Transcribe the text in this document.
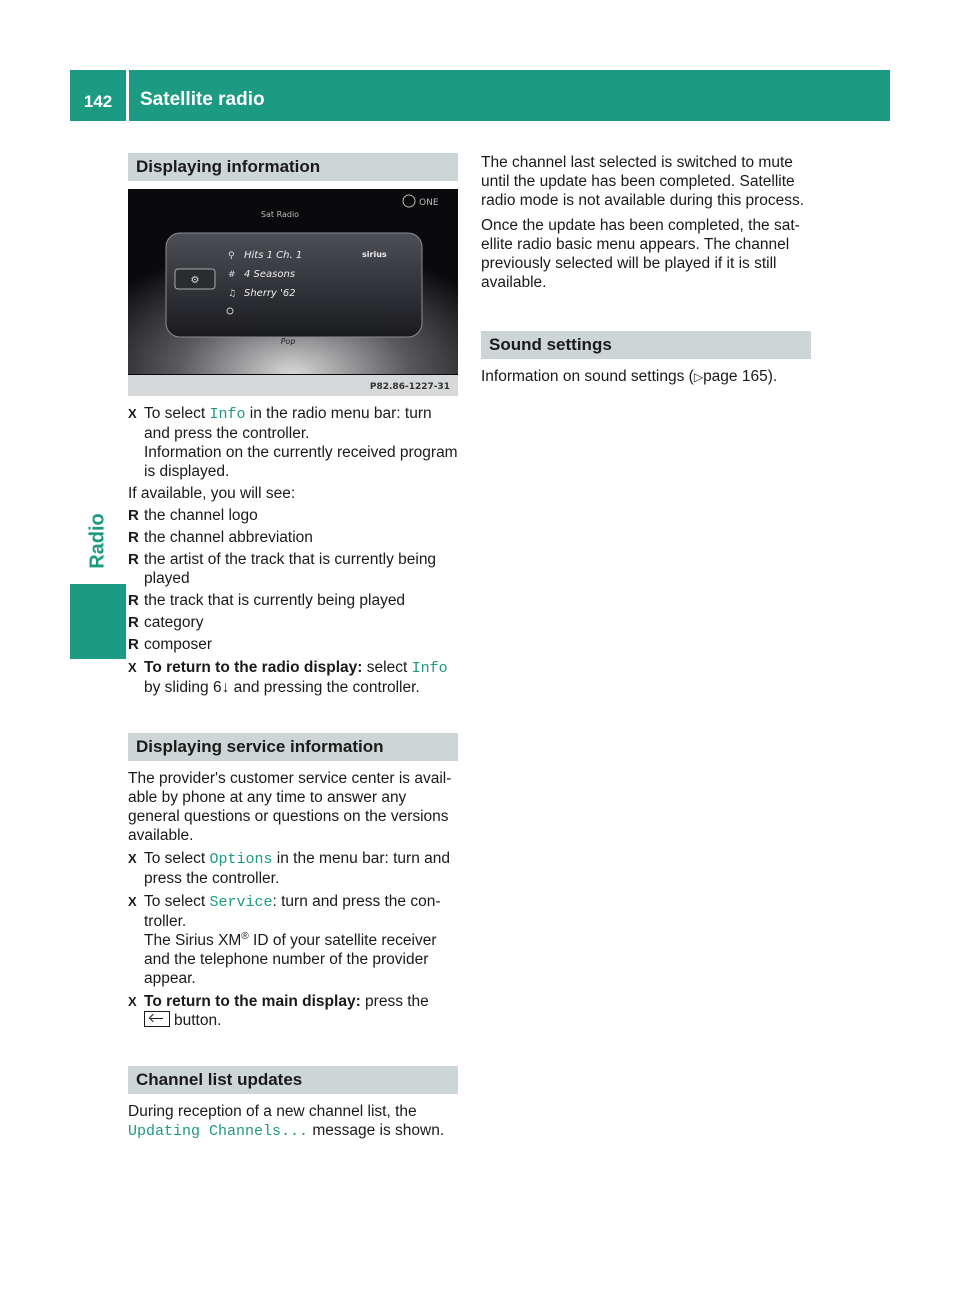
142	Satellite radio
Radio
Displaying information
⚙
Sat Radio
ONE
⚲ Hits 1 Ch. 1	sirius
# 4 Seasons
♫ Sherry '62
Pop
P82.86-1227-31
X To select Info in the radio menu bar: turn and press the controller.
Information on the currently received program is displayed.

If available, you will see:

R the channel logo
R the channel abbreviation
R the artist of the track that is currently being played
R the track that is currently being played
R category
R composer
X To return to the radio display: select Info
by sliding 6↓ and pressing the controller.
Displaying service information

The provider's customer service center is available by phone at any time to answer any general questions or questions on the versions available.

X To select Options in the menu bar: turn and press the controller.
X To select Service: turn and press the controller.
The Sirius XM® ID of your satellite receiver and the telephone number of the provider appear.
X To return to the main display: press the
button.
Channel list updates

During reception of a new channel list, the
Updating Channels... message is shown.

The channel last selected is switched to mute until the update has been completed. Satellite radio mode is not available during this process.

Once the update has been completed, the satellite radio basic menu appears. The channel previously selected will be played if it is still available.

Sound settings

Information on sound settings (▷page 165).
